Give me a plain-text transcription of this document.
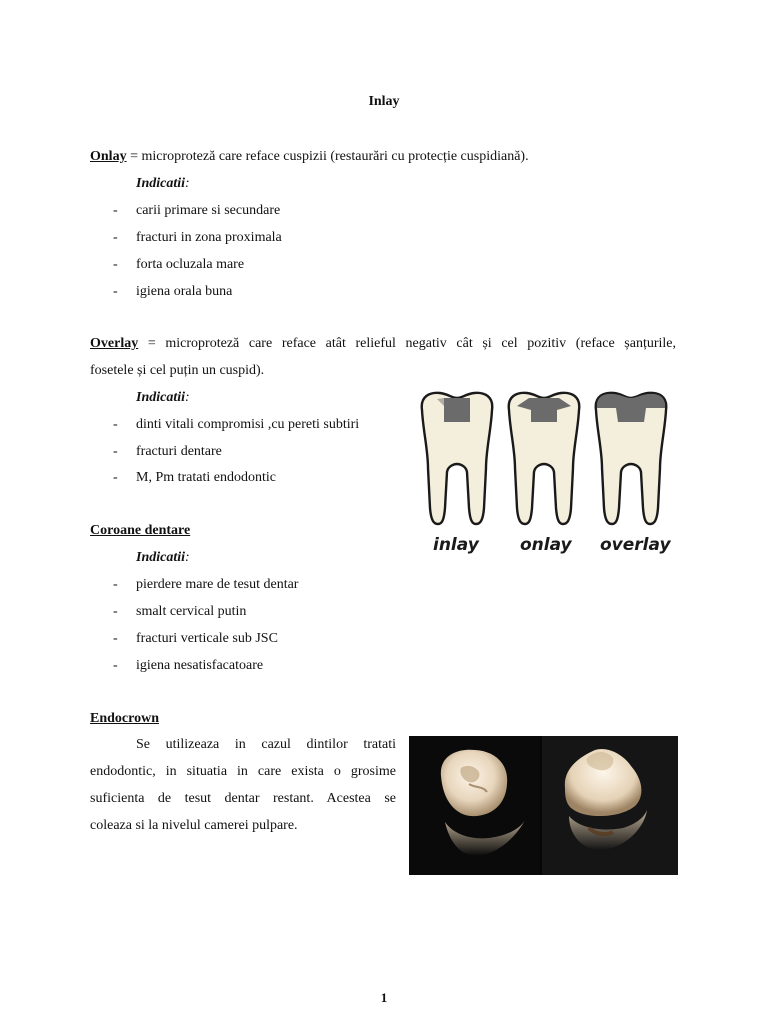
Inlay
Onlay = microproteză care reface cuspizii (restaurări cu protecție cuspidiană).
Indicatii:
- carii primare si secundare
- fracturi in zona proximala
- forta ocluzala mare
- igiena orala buna
Overlay = microproteză care reface atât relieful negativ cât și cel pozitiv (reface șanțurile,
fosetele și cel puțin un cuspid).
Indicatii:
- dinti vitali compromisi ,cu pereti subtiri
- fracturi dentare
- M, Pm tratati endodontic
inlay onlay overlay
Coroane dentare
Indicatii:
- pierdere mare de tesut dentar
- smalt cervical putin
- fracturi verticale sub JSC
- igiena nesatisfacatoare
Endocrown
Se utilizeaza in cazul dintilor tratati
endodontic, in situatia in care exista o grosime
suficienta de tesut dentar restant. Acestea se
coleaza si la nivelul camerei pulpare.
1
